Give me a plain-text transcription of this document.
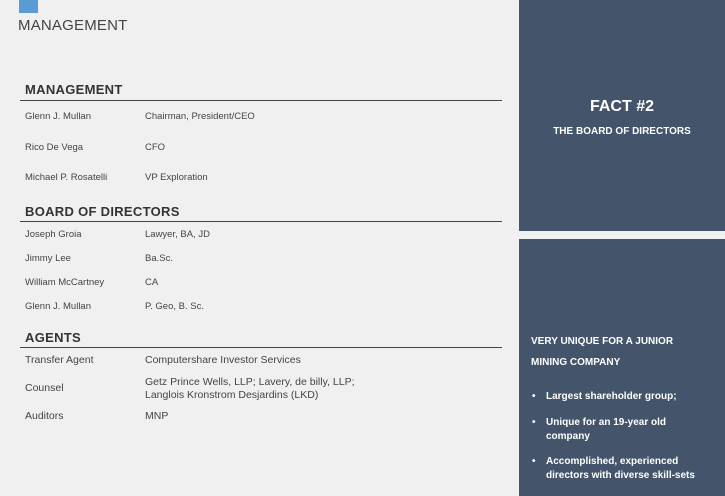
MANAGEMENT
MANAGEMENT
Glenn J. Mullan	Chairman, President/CEO
Rico De Vega	CFO
Michael P. Rosatelli	VP Exploration
BOARD OF DIRECTORS
Joseph Groia	Lawyer, BA, JD
Jimmy Lee	Ba.Sc.
William McCartney	CA
Glenn J. Mullan	P. Geo, B. Sc.
AGENTS
Transfer Agent	Computershare Investor Services
Counsel	Getz Prince Wells, LLP; Lavery, de billy, LLP;
Langlois Kronstrom Desjardins (LKD)
Auditors	MNP
FACT #2
THE BOARD OF DIRECTORS
VERY UNIQUE FOR A JUNIOR
MINING COMPANY
• Largest shareholder group;
• Unique for an 19-year old
company
• Accomplished, experienced
directors with diverse skill-sets
